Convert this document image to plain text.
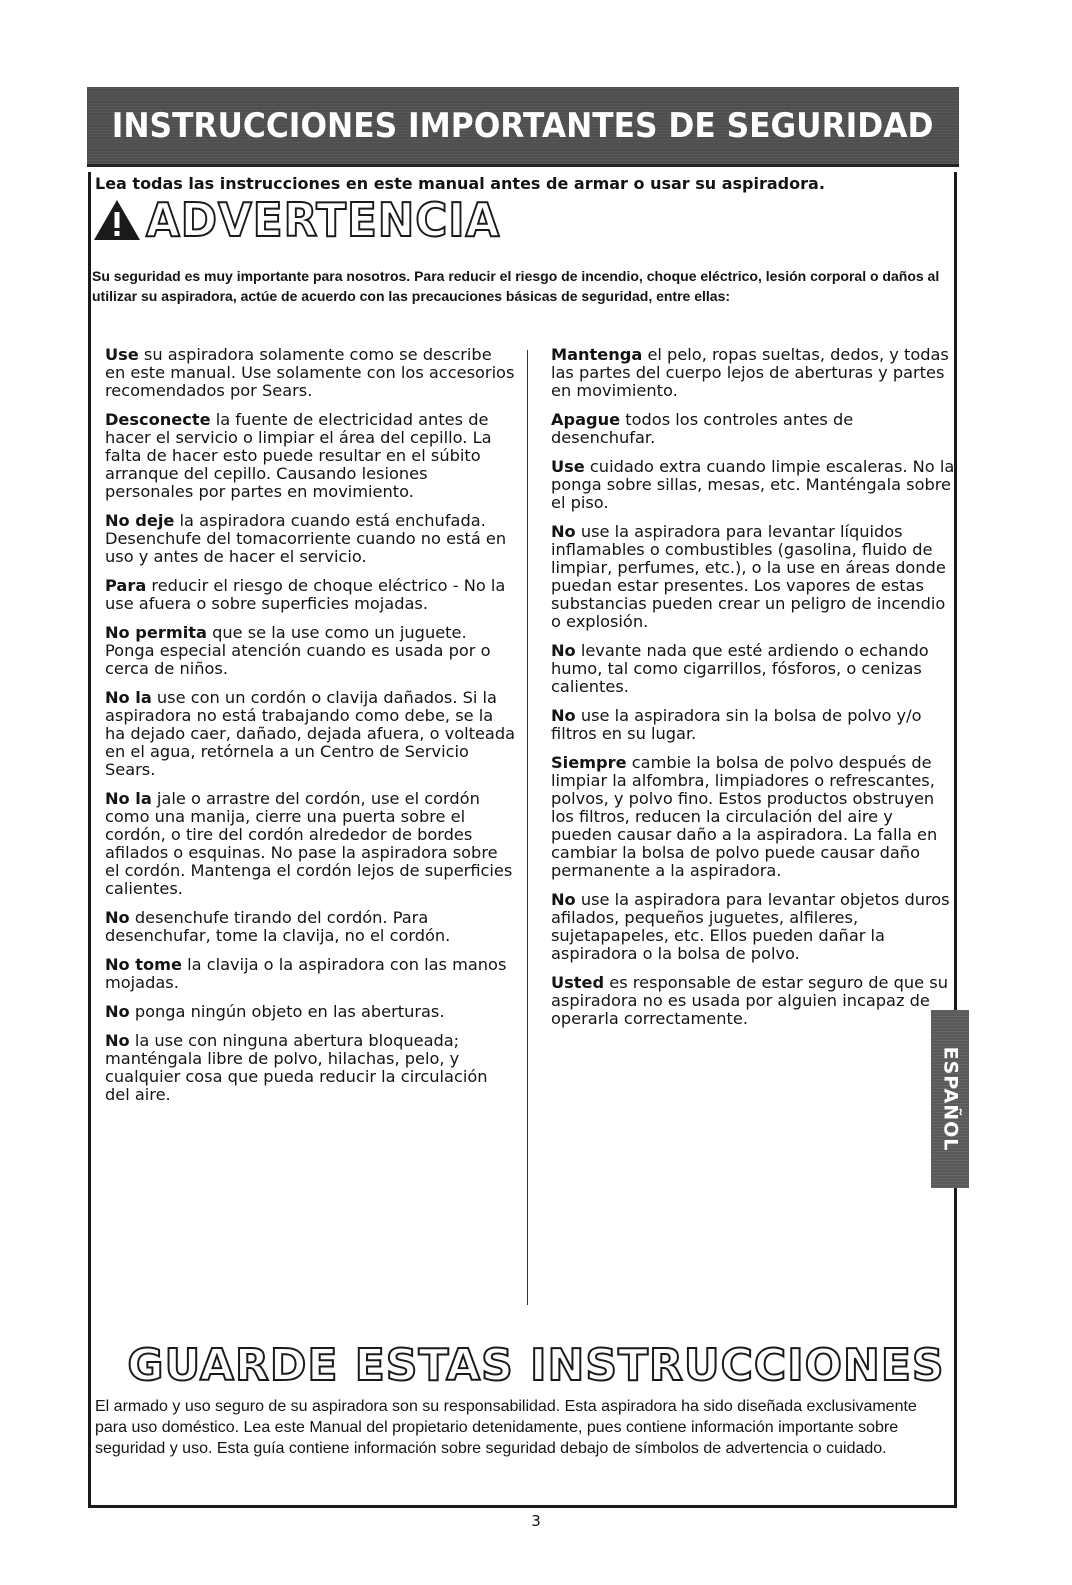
INSTRUCCIONES IMPORTANTES DE SEGURIDAD
Lea todas las instrucciones en este manual antes de armar o usar su aspiradora.
ADVERTENCIA
Su seguridad es muy importante para nosotros. Para reducir el riesgo de incendio, choque eléctrico, lesión corporal o daños al utilizar su aspiradora, actúe de acuerdo con las precauciones básicas de seguridad, entre ellas:

Use su aspiradora solamente como se describe en este manual. Use solamente con los accesorios recomendados por Sears.

Desconecte la fuente de electricidad antes de hacer el servicio o limpiar el área del cepillo. La falta de hacer esto puede resultar en el súbito arranque del cepillo. Causando lesiones personales por partes en movimiento.

No deje la aspiradora cuando está enchufada. Desenchufe del tomacorriente cuando no está en uso y antes de hacer el servicio.

Para reducir el riesgo de choque eléctrico - No la use afuera o sobre superficies mojadas.

No permita que se la use como un juguete. Ponga especial atención cuando es usada por o cerca de niños.

No la use con un cordón o clavija dañados. Si la aspiradora no está trabajando como debe, se la ha dejado caer, dañado, dejada afuera, o volteada en el agua, retórnela a un Centro de Servicio Sears.

No la jale o arrastre del cordón, use el cordón como una manija, cierre una puerta sobre el cordón, o tire del cordón alrededor de bordes afilados o esquinas. No pase la aspiradora sobre el cordón. Mantenga el cordón lejos de superficies calientes.

No desenchufe tirando del cordón. Para desenchufar, tome la clavija, no el cordón.

No tome la clavija o la aspiradora con las manos mojadas.

No ponga ningún objeto en las aberturas.

No la use con ninguna abertura bloqueada; manténgala libre de polvo, hilachas, pelo, y cualquier cosa que pueda reducir la circulación del aire.

Mantenga el pelo, ropas sueltas, dedos, y todas las partes del cuerpo lejos de aberturas y partes en movimiento.

Apague todos los controles antes de desenchufar.

Use cuidado extra cuando limpie escaleras. No la ponga sobre sillas, mesas, etc. Manténgala sobre el piso.

No use la aspiradora para levantar líquidos inflamables o combustibles (gasolina, fluido de limpiar, perfumes, etc.), o la use en áreas donde puedan estar presentes. Los vapores de estas substancias pueden crear un peligro de incendio o explosión.

No levante nada que esté ardiendo o echando humo, tal como cigarrillos, fósforos, o cenizas calientes.

No use la aspiradora sin la bolsa de polvo y/o filtros en su lugar.

Siempre cambie la bolsa de polvo después de limpiar la alfombra, limpiadores o refrescantes, polvos, y polvo fino. Estos productos obstruyen los filtros, reducen la circulación del aire y pueden causar daño a la aspiradora. La falla en cambiar la bolsa de polvo puede causar daño permanente a la aspiradora.

No use la aspiradora para levantar objetos duros afilados, pequeños juguetes, alfileres, sujetapapeles, etc. Ellos pueden dañar la aspiradora o la bolsa de polvo.

Usted es responsable de estar seguro de que su aspiradora no es usada por alguien incapaz de operarla correctamente.

GUARDE ESTAS INSTRUCCIONES
El armado y uso seguro de su aspiradora son su responsabilidad. Esta aspiradora ha sido diseñada exclusivamente para uso doméstico. Lea este Manual del propietario detenidamente, pues contiene información importante sobre seguridad y uso. Esta guía contiene información sobre seguridad debajo de símbolos de advertencia o cuidado.
3
ESPAÑOL
